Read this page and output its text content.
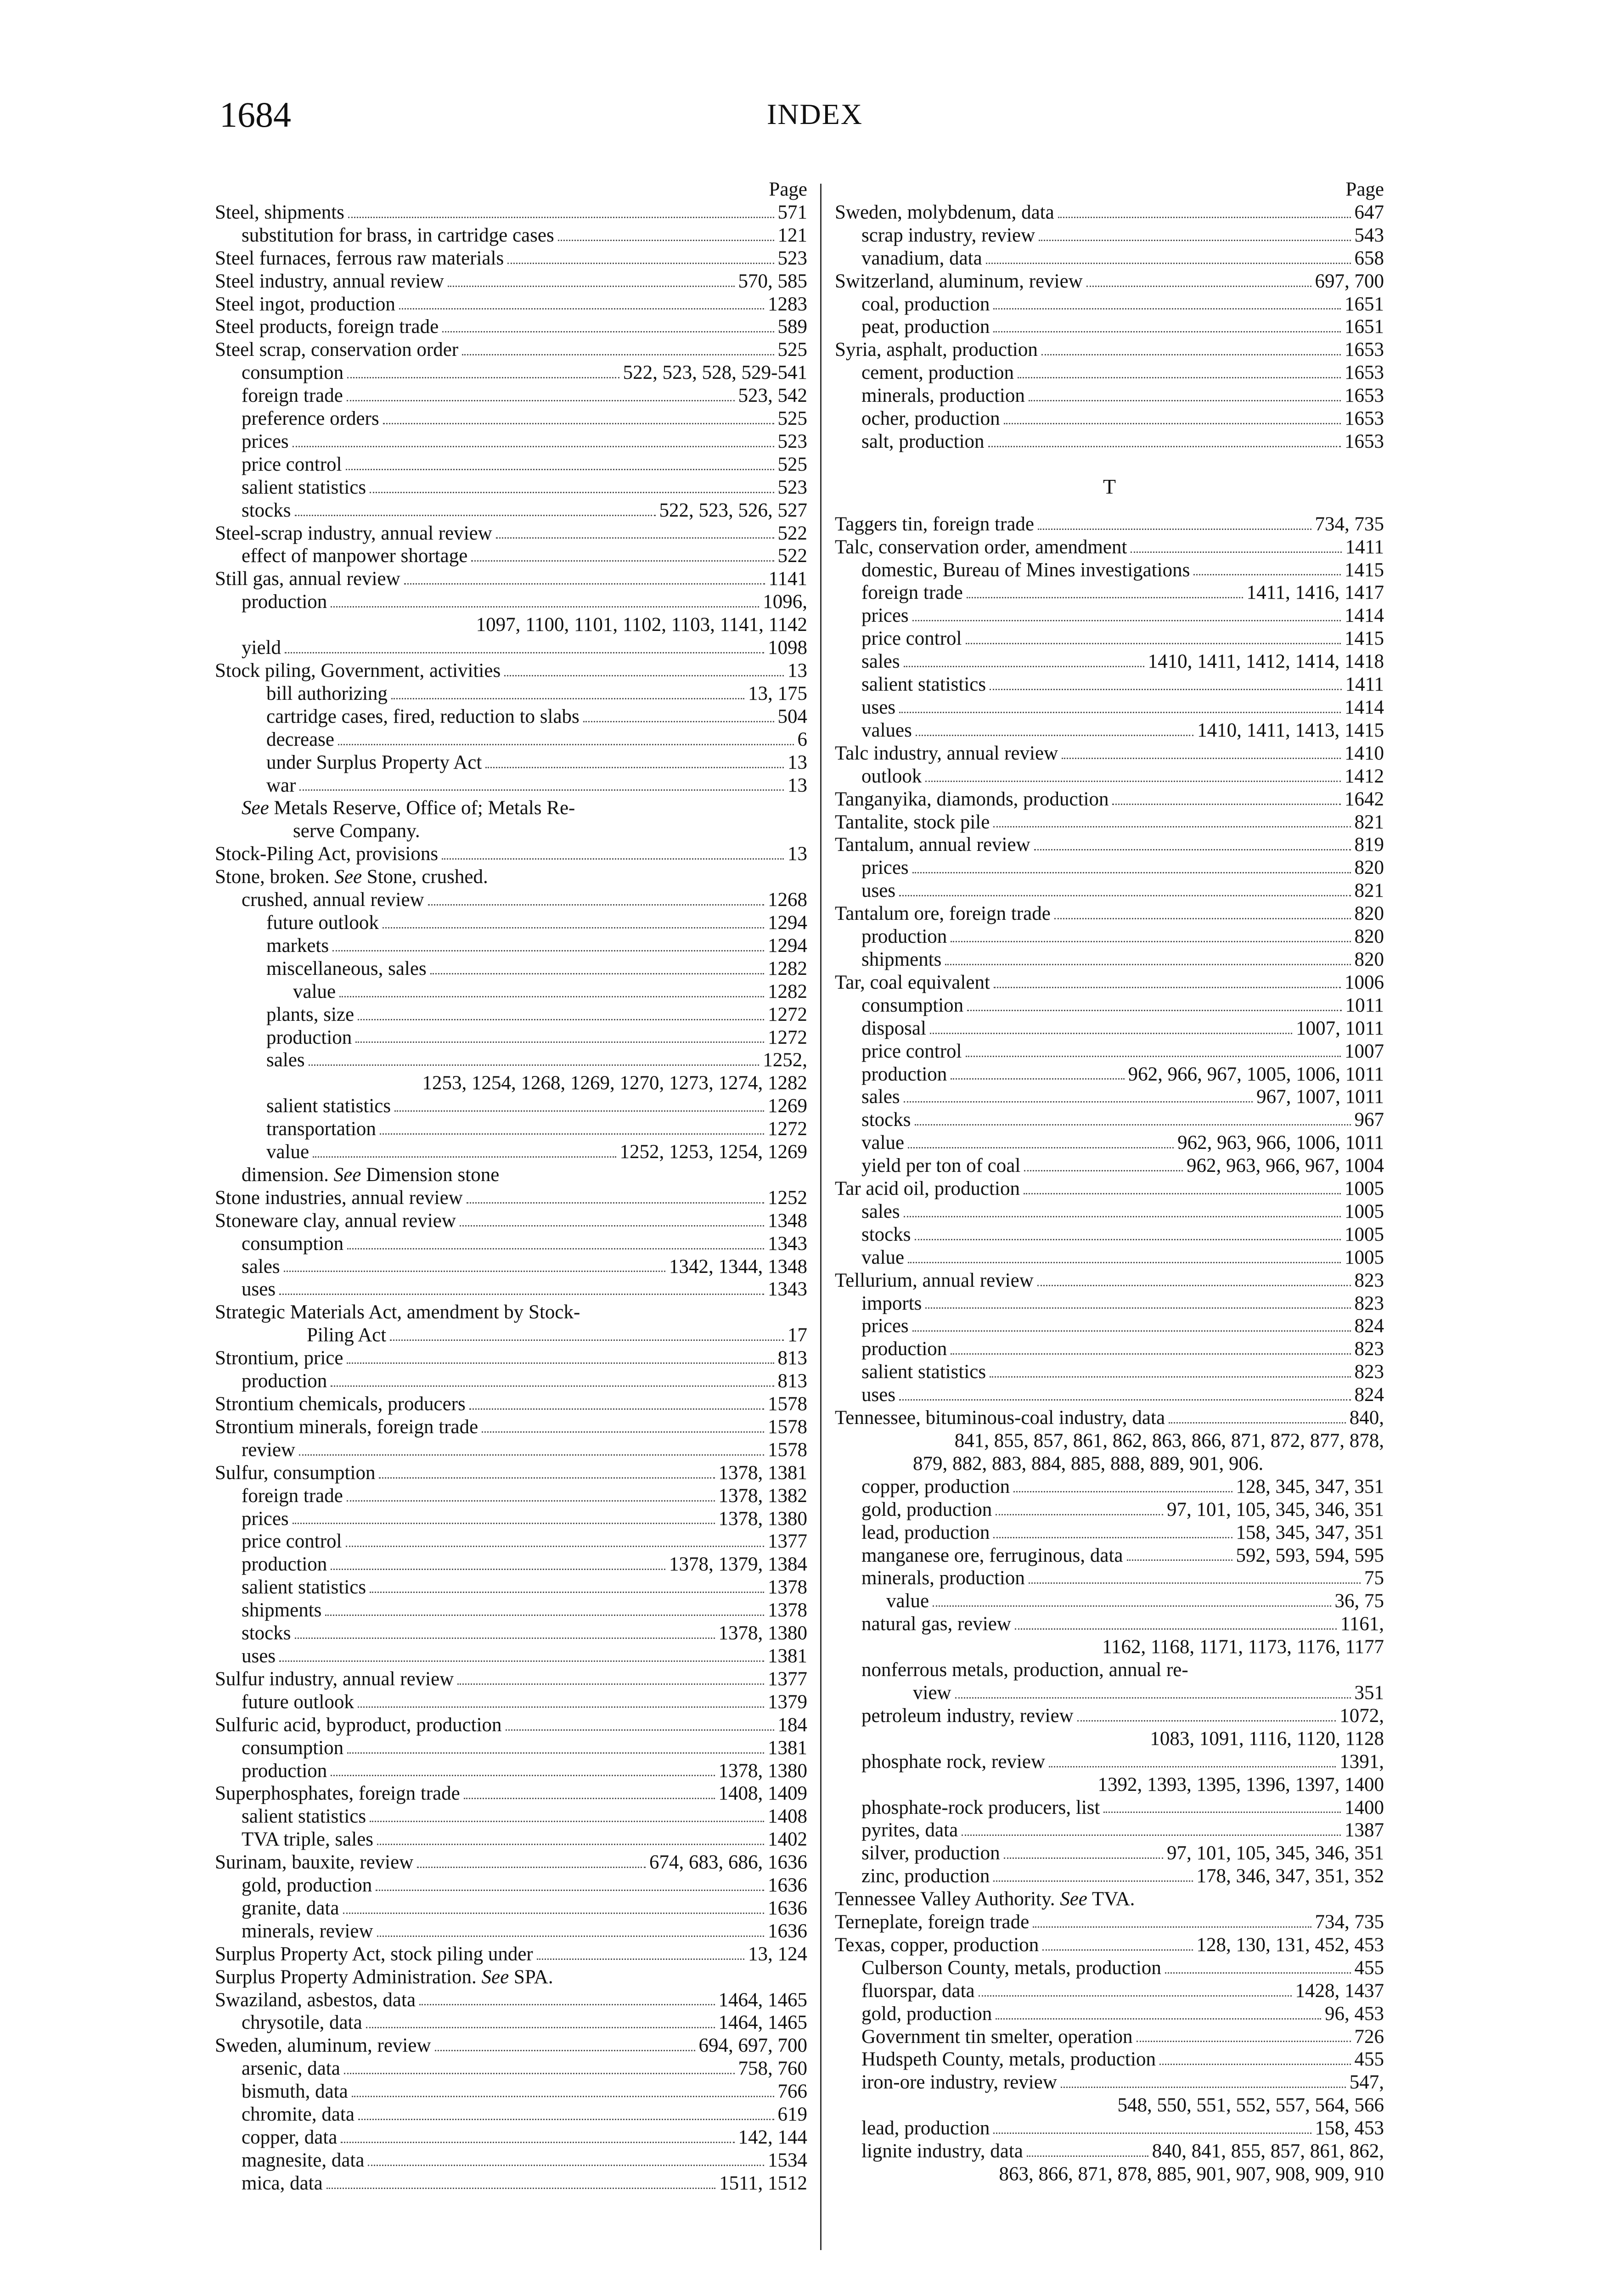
1684	INDEX
Page
Steel, shipments	571
substitution for brass, in cartridge cases	121
Steel furnaces, ferrous raw materials	523
Steel industry, annual review	570, 585
Steel ingot, production	1283
Steel products, foreign trade	589
Steel scrap, conservation order	525
consumption	522, 523, 528, 529-541
foreign trade	523, 542
preference orders	525
prices	523
price control	525
salient statistics	523
stocks	522, 523, 526, 527
Steel-scrap industry, annual review	522
effect of manpower shortage	522
Still gas, annual review	1141
production	1096,
1097, 1100, 1101, 1102, 1103, 1141, 1142
yield	1098
Stock piling, Government, activities	13
bill authorizing	13, 175
cartridge cases, fired, reduction to slabs	504
decrease	6
under Surplus Property Act	13
war	13
See Metals Reserve, Office of; Metals Re-
serve Company.
Stock-Piling Act, provisions	13
Stone, broken. See Stone, crushed.
crushed, annual review	1268
future outlook	1294
markets	1294
miscellaneous, sales	1282
value	1282
plants, size	1272
production	1272
sales	1252,
1253, 1254, 1268, 1269, 1270, 1273, 1274, 1282
salient statistics	1269
transportation	1272
value	1252, 1253, 1254, 1269
dimension. See Dimension stone
Stone industries, annual review	1252
Stoneware clay, annual review	1348
consumption	1343
sales	1342, 1344, 1348
uses	1343
Strategic Materials Act, amendment by Stock-
Piling Act	17
Strontium, price	813
production	813
Strontium chemicals, producers	1578
Strontium minerals, foreign trade	1578
review	1578
Sulfur, consumption	1378, 1381
foreign trade	1378, 1382
prices	1378, 1380
price control	1377
production	1378, 1379, 1384
salient statistics	1378
shipments	1378
stocks	1378, 1380
uses	1381
Sulfur industry, annual review	1377
future outlook	1379
Sulfuric acid, byproduct, production	184
consumption	1381
production	1378, 1380
Superphosphates, foreign trade	1408, 1409
salient statistics	1408
TVA triple, sales	1402
Surinam, bauxite, review	674, 683, 686, 1636
gold, production	1636
granite, data	1636
minerals, review	1636
Surplus Property Act, stock piling under	13, 124
Surplus Property Administration. See SPA.
Swaziland, asbestos, data	1464, 1465
chrysotile, data	1464, 1465
Sweden, aluminum, review	694, 697, 700
arsenic, data	758, 760
bismuth, data	766
chromite, data	619
copper, data	142, 144
magnesite, data	1534
mica, data	1511, 1512
Page
Sweden, molybdenum, data	647
scrap industry, review	543
vanadium, data	658
Switzerland, aluminum, review	697, 700
coal, production	1651
peat, production	1651
Syria, asphalt, production	1653
cement, production	1653
minerals, production	1653
ocher, production	1653
salt, production	1653
T
Taggers tin, foreign trade	734, 735
Talc, conservation order, amendment	1411
domestic, Bureau of Mines investigations	1415
foreign trade	1411, 1416, 1417
prices	1414
price control	1415
sales	1410, 1411, 1412, 1414, 1418
salient statistics	1411
uses	1414
values	1410, 1411, 1413, 1415
Talc industry, annual review	1410
outlook	1412
Tanganyika, diamonds, production	1642
Tantalite, stock pile	821
Tantalum, annual review	819
prices	820
uses	821
Tantalum ore, foreign trade	820
production	820
shipments	820
Tar, coal equivalent	1006
consumption	1011
disposal	1007, 1011
price control	1007
production	962, 966, 967, 1005, 1006, 1011
sales	967, 1007, 1011
stocks	967
value	962, 963, 966, 1006, 1011
yield per ton of coal	962, 963, 966, 967, 1004
Tar acid oil, production	1005
sales	1005
stocks	1005
value	1005
Tellurium, annual review	823
imports	823
prices	824
production	823
salient statistics	823
uses	824
Tennessee, bituminous-coal industry, data	840,
841, 855, 857, 861, 862, 863, 866, 871, 872, 877, 878,
879, 882, 883, 884, 885, 888, 889, 901, 906.
copper, production	128, 345, 347, 351
gold, production	97, 101, 105, 345, 346, 351
lead, production	158, 345, 347, 351
manganese ore, ferruginous, data	592, 593, 594, 595
minerals, production	75
value	36, 75
natural gas, review	1161,
1162, 1168, 1171, 1173, 1176, 1177
nonferrous metals, production, annual re-
view	351
petroleum industry, review	1072,
1083, 1091, 1116, 1120, 1128
phosphate rock, review	1391,
1392, 1393, 1395, 1396, 1397, 1400
phosphate-rock producers, list	1400
pyrites, data	1387
silver, production	97, 101, 105, 345, 346, 351
zinc, production	178, 346, 347, 351, 352
Tennessee Valley Authority. See TVA.
Terneplate, foreign trade	734, 735
Texas, copper, production	128, 130, 131, 452, 453
Culberson County, metals, production	455
fluorspar, data	1428, 1437
gold, production	96, 453
Government tin smelter, operation	726
Hudspeth County, metals, production	455
iron-ore industry, review	547,
548, 550, 551, 552, 557, 564, 566
lead, production	158, 453
lignite industry, data	840, 841, 855, 857, 861, 862,
863, 866, 871, 878, 885, 901, 907, 908, 909, 910
